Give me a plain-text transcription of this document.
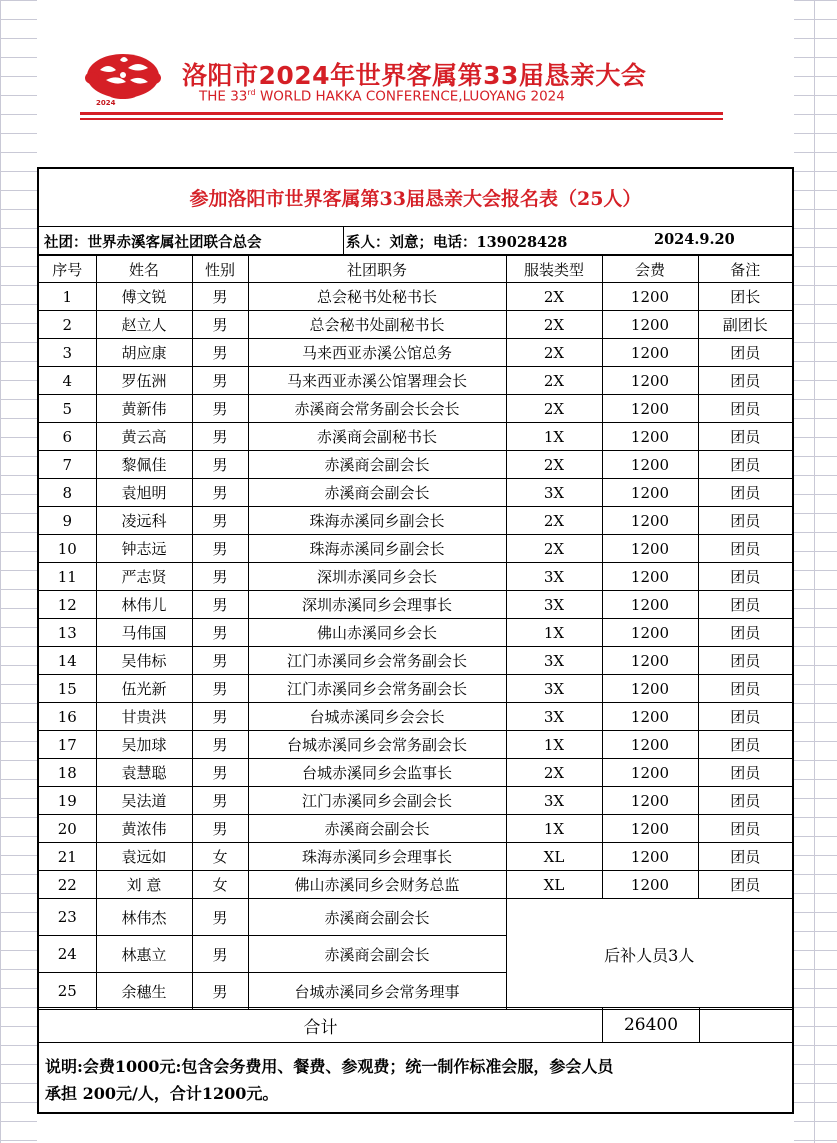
2024
洛阳市2024年世界客属第33届恳亲大会
THE 33rd WORLD HAKKA CONFERENCE,LUOYANG 2024
参加洛阳市世界客属第33届恳亲大会报名表（25人）
社团：世界赤溪客属社团联合总会	系人：刘意；电话：139028428	2024.9.20
序号	姓名	性别	社团职务	服装类型	会费	备注
1	傅文锐	男	总会秘书处秘书长	2X	1200	团长
2	赵立人	男	总会秘书处副秘书长	2X	1200	副团长
3	胡应康	男	马来西亚赤溪公馆总务	2X	1200	团员
4	罗伍洲	男	马来西亚赤溪公馆署理会长	2X	1200	团员
5	黄新伟	男	赤溪商会常务副会长会长	2X	1200	团员
6	黄云高	男	赤溪商会副秘书长	1X	1200	团员
7	黎佩佳	男	赤溪商会副会长	2X	1200	团员
8	袁旭明	男	赤溪商会副会长	3X	1200	团员
9	凌远科	男	珠海赤溪同乡副会长	2X	1200	团员
10	钟志远	男	珠海赤溪同乡副会长	2X	1200	团员
11	严志贤	男	深圳赤溪同乡会长	3X	1200	团员
12	林伟儿	男	深圳赤溪同乡会理事长	3X	1200	团员
13	马伟国	男	佛山赤溪同乡会长	1X	1200	团员
14	吴伟标	男	江门赤溪同乡会常务副会长	3X	1200	团员
15	伍光新	男	江门赤溪同乡会常务副会长	3X	1200	团员
16	甘贵洪	男	台城赤溪同乡会会长	3X	1200	团员
17	吴加球	男	台城赤溪同乡会常务副会长	1X	1200	团员
18	袁慧聪	男	台城赤溪同乡会监事长	2X	1200	团员
19	吴法道	男	江门赤溪同乡会副会长	3X	1200	团员
20	黄浓伟	男	赤溪商会副会长	1X	1200	团员
21	袁远如	女	珠海赤溪同乡会理事长	XL	1200	团员
22	刘 意	女	佛山赤溪同乡会财务总监	XL	1200	团员
23	林伟杰	男	赤溪商会副会长	后补人员3人		
24	林惠立	男	赤溪商会副会长			
25	余穗生	男	台城赤溪同乡会常务理事			
合计	26400
说明:会费1000元:包含会务费用、餐费、参观费；统一制作标准会服，参会人员
承担 200元/人，合计1200元。
